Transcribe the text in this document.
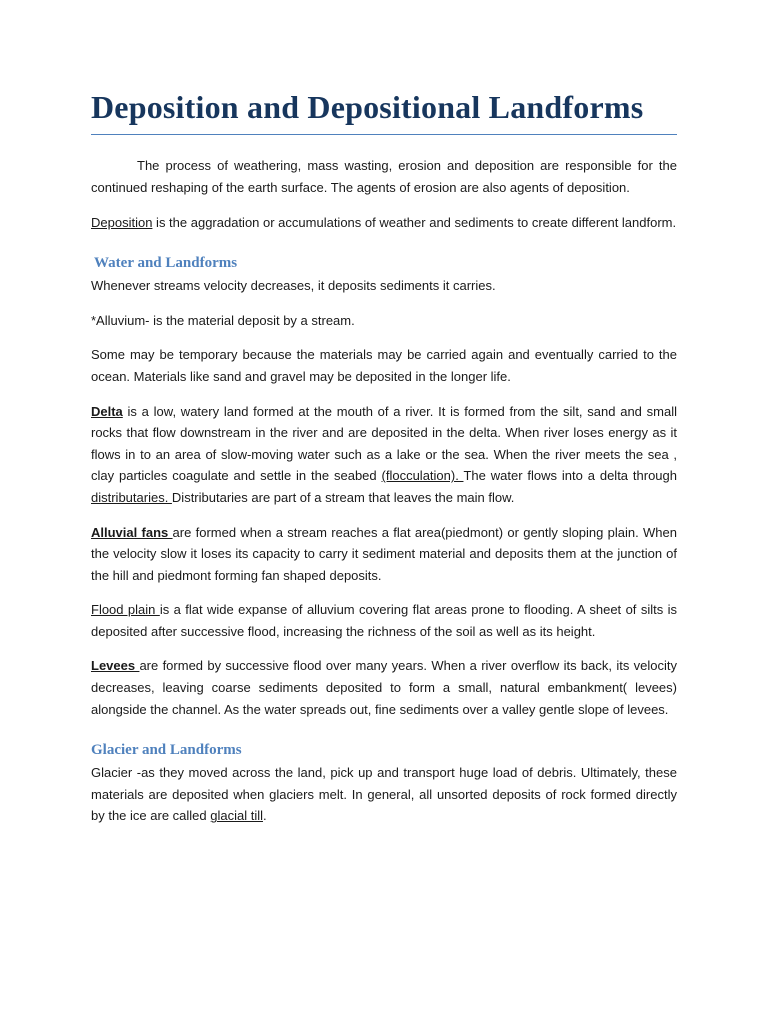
Deposition and Depositional Landforms

The process of weathering, mass wasting, erosion and deposition are responsible for the continued reshaping of the earth surface. The agents of erosion are also agents of deposition.

Deposition is the aggradation or accumulations of weather and sediments to create different landform.

Water and Landforms

Whenever streams velocity decreases, it deposits sediments it carries.

*Alluvium- is the material deposit by a stream.

Some may be temporary because the materials may be carried again and eventually carried to the ocean. Materials like sand and gravel may be deposited in the longer life.

Delta is a low, watery land formed at the mouth of a river. It is formed from the silt, sand and small rocks that flow downstream in the river and are deposited in the delta. When river loses energy as it flows in to an area of slow-moving water such as a lake or the sea. When the river meets the sea , clay particles coagulate and settle in the seabed (flocculation). The water flows into a delta through distributaries. Distributaries are part of a stream that leaves the main flow.

Alluvial fans are formed when a stream reaches a flat area(piedmont) or gently sloping plain. When the velocity slow it loses its capacity to carry it sediment material and deposits them at the junction of the hill and piedmont forming fan shaped deposits.

Flood plain is a flat wide expanse of alluvium covering flat areas prone to flooding. A sheet of silts is deposited after successive flood, increasing the richness of the soil as well as its height.

Levees are formed by successive flood over many years. When a river overflow its back, its velocity decreases, leaving coarse sediments deposited to form a small, natural embankment( levees) alongside the channel. As the water spreads out, fine sediments over a valley gentle slope of levees.

Glacier and Landforms

Glacier -as they moved across the land, pick up and transport huge load of debris. Ultimately, these materials are deposited when glaciers melt. In general, all unsorted deposits of rock formed directly by the ice are called glacial till.
